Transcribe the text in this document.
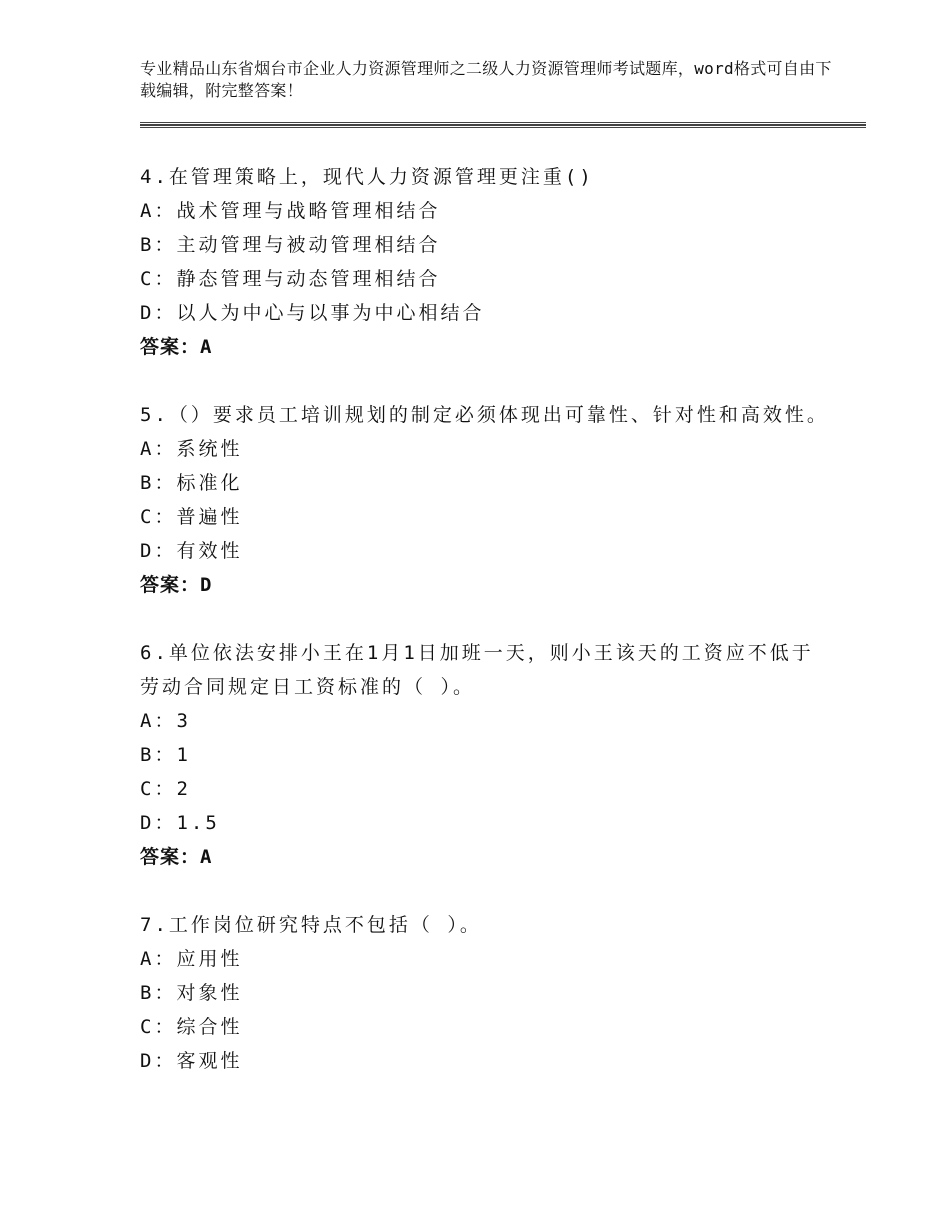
专业精品山东省烟台市企业人力资源管理师之二级人力资源管理师考试题库，word格式可自由下载编辑，附完整答案！

4.在管理策略上，现代人力资源管理更注重()

A：战术管理与战略管理相结合

B：主动管理与被动管理相结合

C：静态管理与动态管理相结合

D：以人为中心与以事为中心相结合

答案：A

5.（）要求员工培训规划的制定必须体现出可靠性、针对性和高效性。

A：系统性

B：标准化

C：普遍性

D：有效性

答案：D

6.单位依法安排小王在1月1日加班一天，则小王该天的工资应不低于劳动合同规定日工资标准的（ ）。

A：3

B：1

C：2

D：1.5

答案：A

7.工作岗位研究特点不包括（ ）。

A：应用性

B：对象性

C：综合性

D：客观性
